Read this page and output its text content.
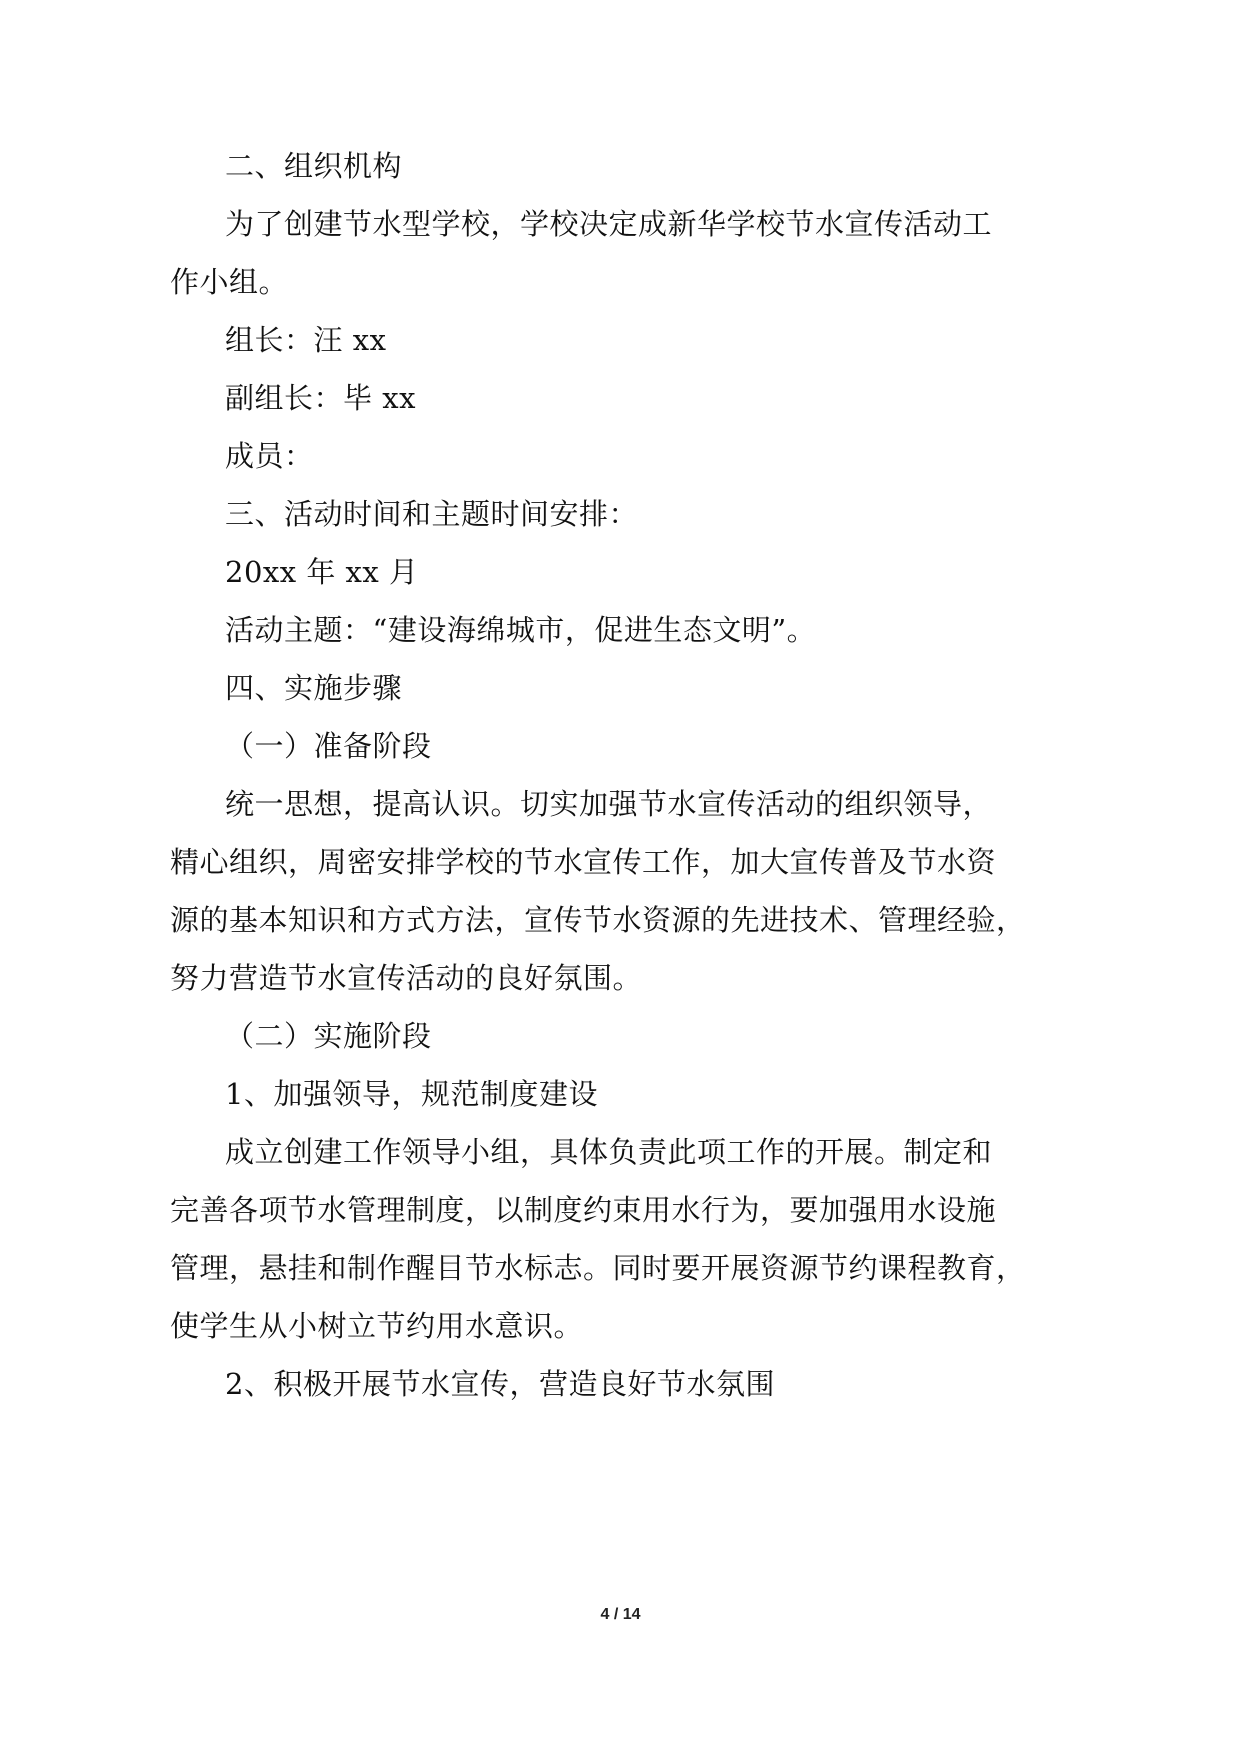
二、组织机构
为了创建节水型学校，学校决定成新华学校节水宣传活动工
作小组。
组长：汪 xx
副组长：毕 xx
成员：
三、活动时间和主题时间安排：
20xx 年 xx 月
活动主题：“建设海绵城市，促进生态文明”。
四、实施步骤
（一）准备阶段
统一思想，提高认识。切实加强节水宣传活动的组织领导，
精心组织，周密安排学校的节水宣传工作，加大宣传普及节水资
源的基本知识和方式方法，宣传节水资源的先进技术、管理经验，
努力营造节水宣传活动的良好氛围。
（二）实施阶段
1、加强领导，规范制度建设
成立创建工作领导小组，具体负责此项工作的开展。制定和
完善各项节水管理制度，以制度约束用水行为，要加强用水设施
管理，悬挂和制作醒目节水标志。同时要开展资源节约课程教育，
使学生从小树立节约用水意识。
2、积极开展节水宣传，营造良好节水氛围
4 / 14
